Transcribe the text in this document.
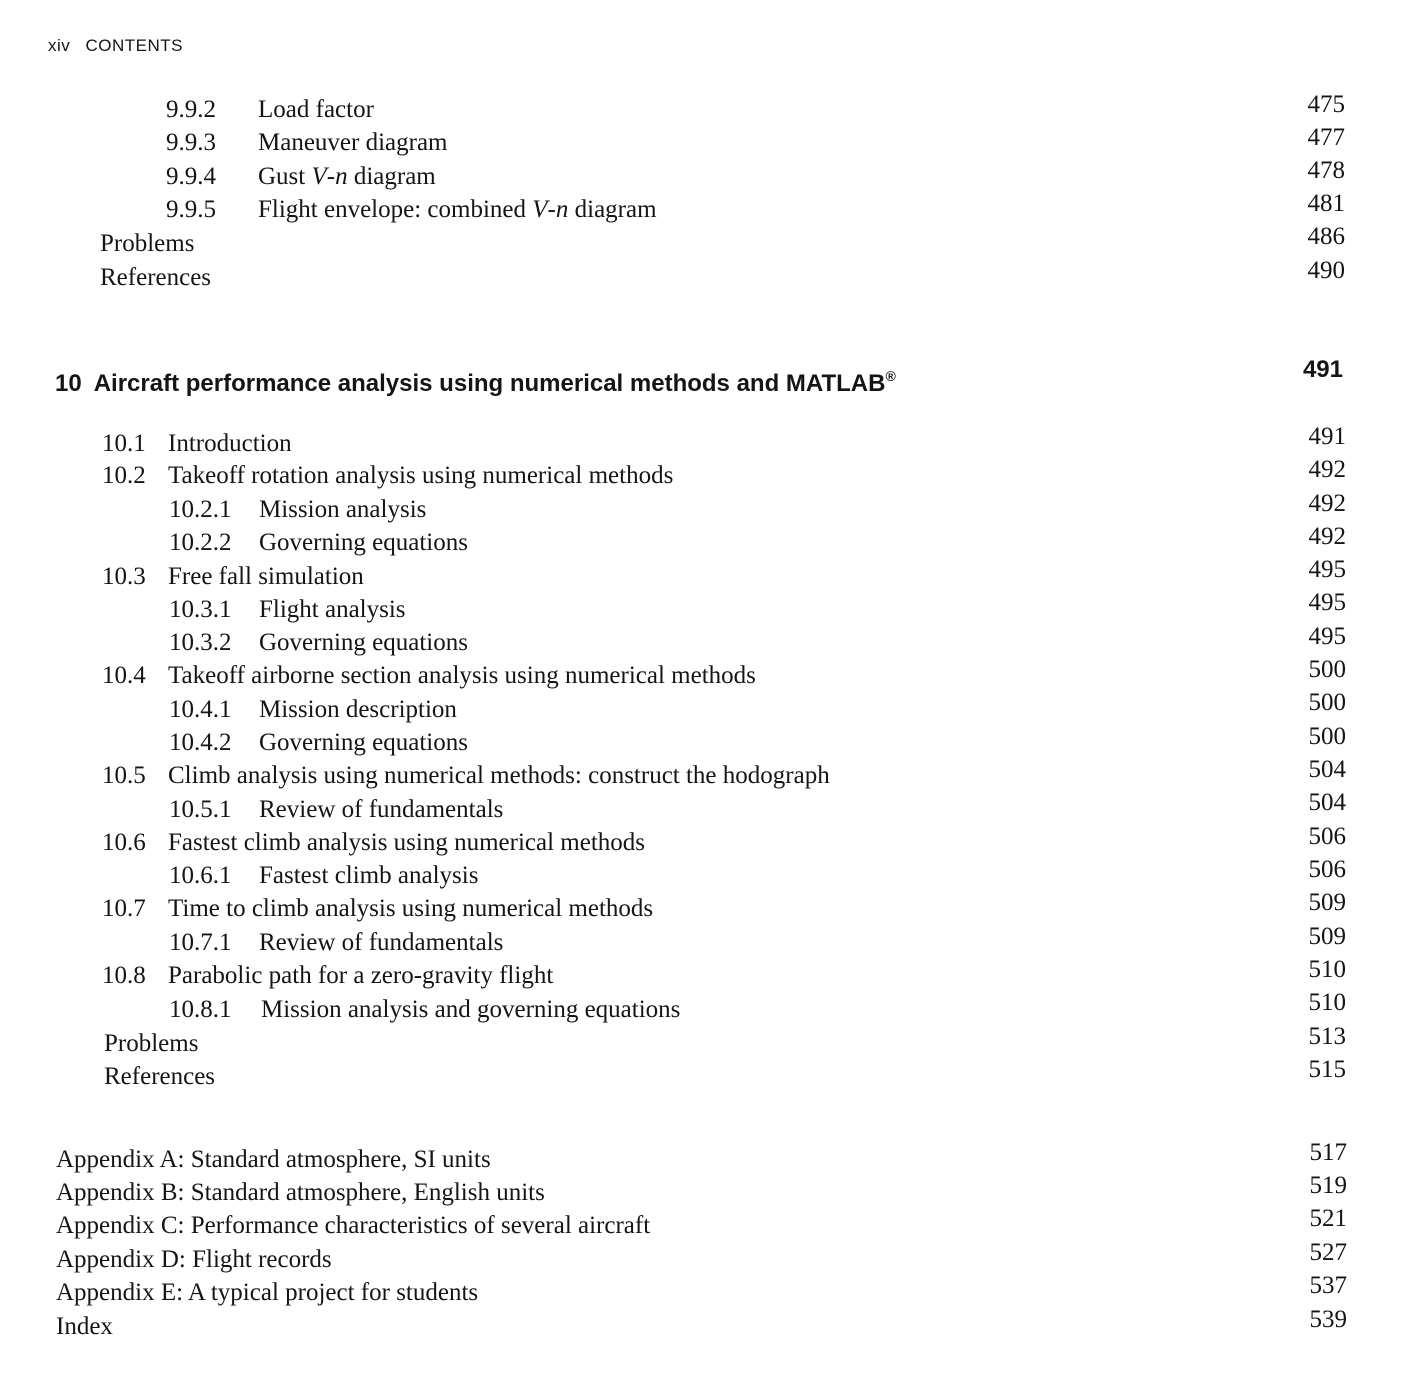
xiv CONTENTS
9.9.2 Load factor	475
9.9.3 Maneuver diagram	477
9.9.4 Gust V-n diagram	478
9.9.5 Flight envelope: combined V-n diagram	481
Problems	486
References	490
10 Aircraft performance analysis using numerical methods and MATLAB®	491
10.1 Introduction	491
10.2 Takeoff rotation analysis using numerical methods	492
10.2.1 Mission analysis	492
10.2.2 Governing equations	492
10.3 Free fall simulation	495
10.3.1 Flight analysis	495
10.3.2 Governing equations	495
10.4 Takeoff airborne section analysis using numerical methods	500
10.4.1 Mission description	500
10.4.2 Governing equations	500
10.5 Climb analysis using numerical methods: construct the hodograph	504
10.5.1 Review of fundamentals	504
10.6 Fastest climb analysis using numerical methods	506
10.6.1 Fastest climb analysis	506
10.7 Time to climb analysis using numerical methods	509
10.7.1 Review of fundamentals	509
10.8 Parabolic path for a zero-gravity flight	510
10.8.1 Mission analysis and governing equations	510
Problems	513
References	515
Appendix A: Standard atmosphere, SI units	517
Appendix B: Standard atmosphere, English units	519
Appendix C: Performance characteristics of several aircraft	521
Appendix D: Flight records	527
Appendix E: A typical project for students	537
Index	539
